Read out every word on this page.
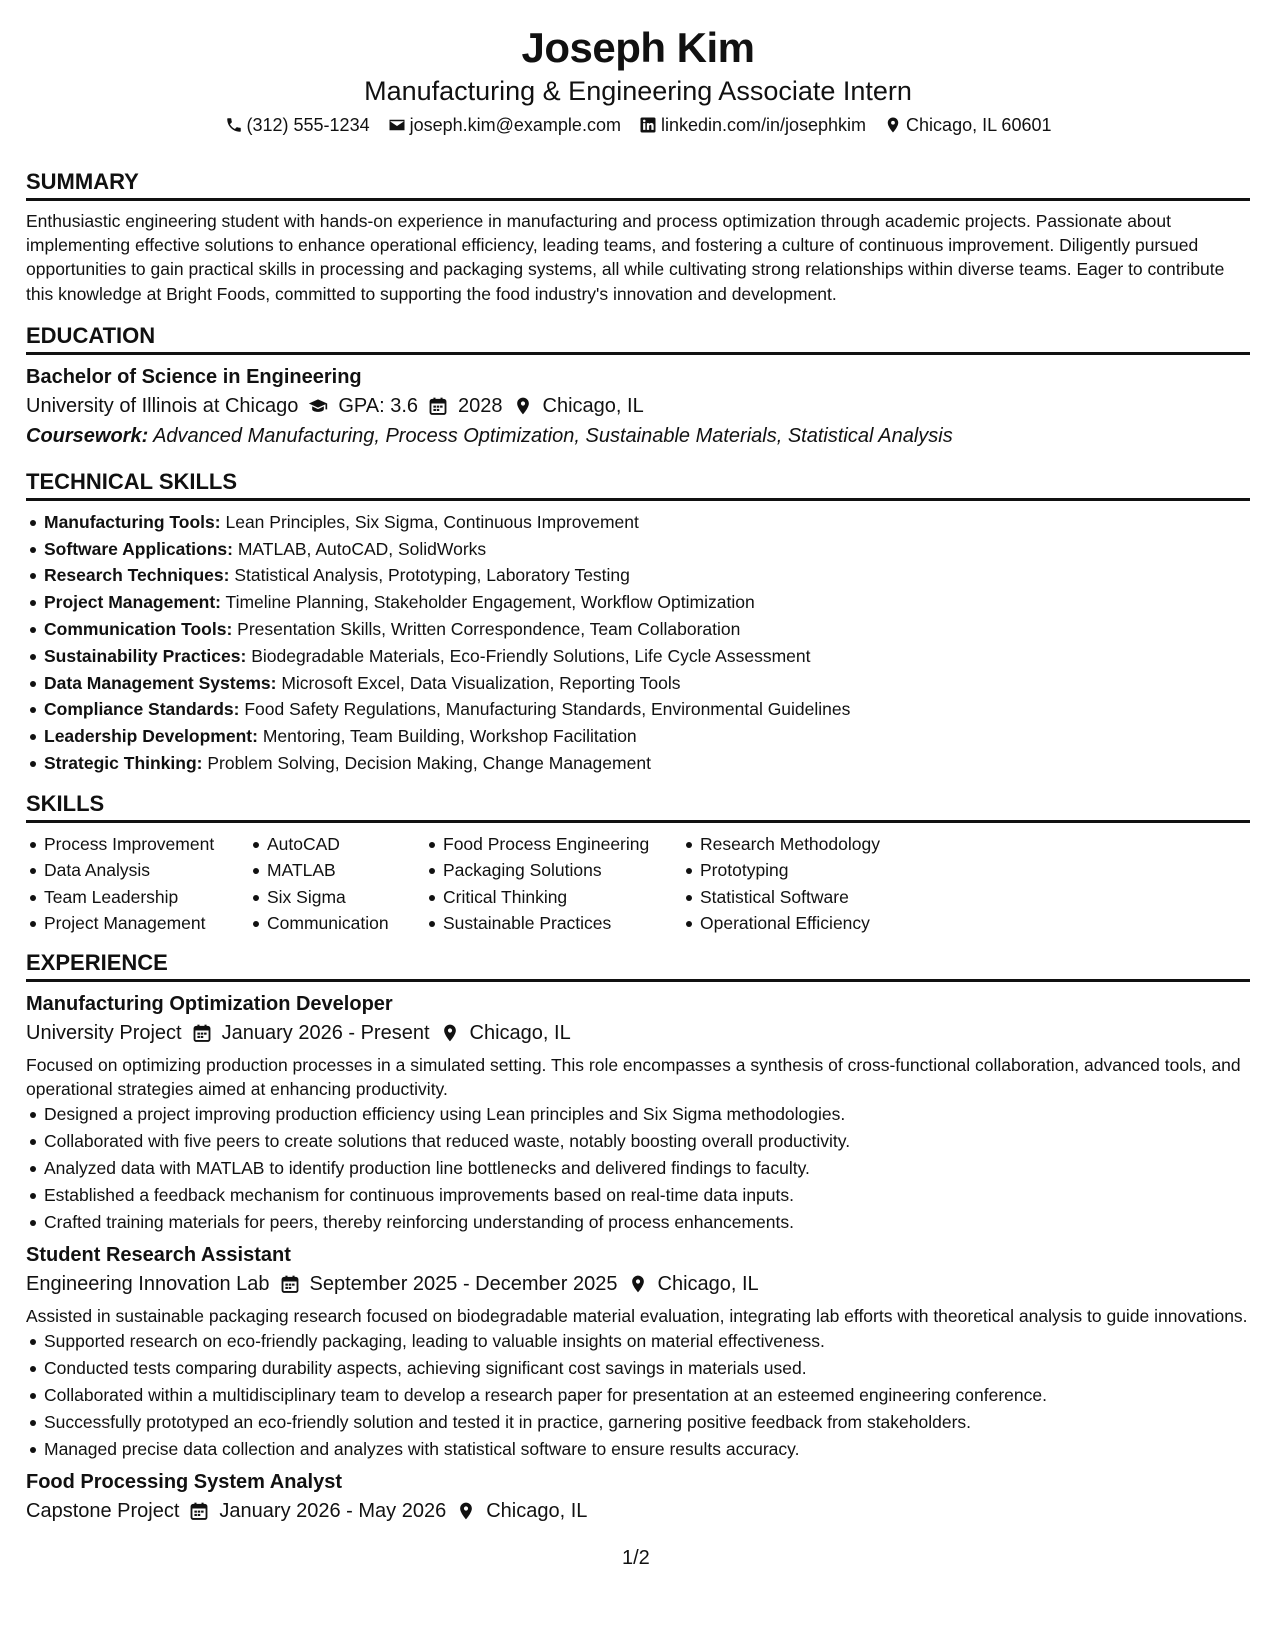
Joseph Kim
Manufacturing & Engineering Associate Intern
(312) 555-1234 joseph.kim@example.com linkedin.com/in/josephkim Chicago, IL 60601
SUMMARY
Enthusiastic engineering student with hands-on experience in manufacturing and process optimization through academic projects. Passionate about implementing effective solutions to enhance operational efficiency, leading teams, and fostering a culture of continuous improvement. Diligently pursued opportunities to gain practical skills in processing and packaging systems, all while cultivating strong relationships within diverse teams. Eager to contribute this knowledge at Bright Foods, committed to supporting the food industry's innovation and development.
EDUCATION
Bachelor of Science in Engineering
University of Illinois at Chicago GPA: 3.6 2028 Chicago, IL
Coursework: Advanced Manufacturing, Process Optimization, Sustainable Materials, Statistical Analysis
TECHNICAL SKILLS
Manufacturing Tools: Lean Principles, Six Sigma, Continuous Improvement
Software Applications: MATLAB, AutoCAD, SolidWorks
Research Techniques: Statistical Analysis, Prototyping, Laboratory Testing
Project Management: Timeline Planning, Stakeholder Engagement, Workflow Optimization
Communication Tools: Presentation Skills, Written Correspondence, Team Collaboration
Sustainability Practices: Biodegradable Materials, Eco-Friendly Solutions, Life Cycle Assessment
Data Management Systems: Microsoft Excel, Data Visualization, Reporting Tools
Compliance Standards: Food Safety Regulations, Manufacturing Standards, Environmental Guidelines
Leadership Development: Mentoring, Team Building, Workshop Facilitation
Strategic Thinking: Problem Solving, Decision Making, Change Management
SKILLS
Process Improvement
Data Analysis
Team Leadership
Project Management
AutoCAD
MATLAB
Six Sigma
Communication
Food Process Engineering
Packaging Solutions
Critical Thinking
Sustainable Practices
Research Methodology
Prototyping
Statistical Software
Operational Efficiency
EXPERIENCE
Manufacturing Optimization Developer
University Project January 2026 - Present Chicago, IL
Focused on optimizing production processes in a simulated setting. This role encompasses a synthesis of cross-functional collaboration, advanced tools, and operational strategies aimed at enhancing productivity.
Designed a project improving production efficiency using Lean principles and Six Sigma methodologies.
Collaborated with five peers to create solutions that reduced waste, notably boosting overall productivity.
Analyzed data with MATLAB to identify production line bottlenecks and delivered findings to faculty.
Established a feedback mechanism for continuous improvements based on real-time data inputs.
Crafted training materials for peers, thereby reinforcing understanding of process enhancements.
Student Research Assistant
Engineering Innovation Lab September 2025 - December 2025 Chicago, IL
Assisted in sustainable packaging research focused on biodegradable material evaluation, integrating lab efforts with theoretical analysis to guide innovations.
Supported research on eco-friendly packaging, leading to valuable insights on material effectiveness.
Conducted tests comparing durability aspects, achieving significant cost savings in materials used.
Collaborated within a multidisciplinary team to develop a research paper for presentation at an esteemed engineering conference.
Successfully prototyped an eco-friendly solution and tested it in practice, garnering positive feedback from stakeholders.
Managed precise data collection and analyzes with statistical software to ensure results accuracy.
Food Processing System Analyst
Capstone Project January 2026 - May 2026 Chicago, IL
1/2
